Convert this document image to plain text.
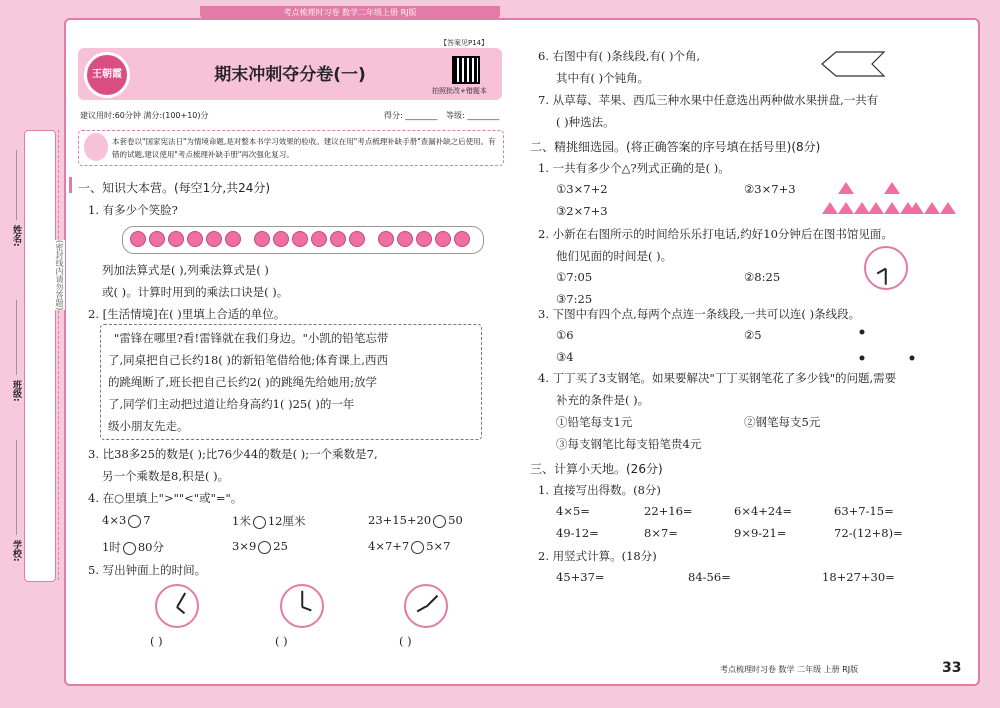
考点梳理时习卷 数学二年级上册 RJ版
姓名:
班级:
学校:
(密封线内请勿答题)
【答案见P14】
王朝霞	期末冲刺夺分卷(一)
拍照批改+错题本
建议用时:60分钟 满分:(100+10)分	得分: ________ 等级: ________
本套卷以"国家宪法日"为情境命题,是对整本书学习效果的验收。建议在用"考点梳理补缺手册"查漏补缺之后使用。有错的试题,建议使用"考点梳理补缺手册"再次强化复习。
一、知识大本营。(每空1分,共24分)
1. 有多少个笑脸?
列加法算式是( ),列乘法算式是( )
或( )。计算时用到的乘法口诀是( )。
2. [生活情境]在( )里填上合适的单位。
"雷锋在哪里?看!雷锋就在我们身边。"小凯的铅笔忘带
了,同桌把自己长约18( )的新铅笔借给他;体育课上,西西
的跳绳断了,班长把自己长约2( )的跳绳先给她用;放学
了,同学们主动把过道让给身高约1( )25( )的一年
级小朋友先走。
3. 比38多25的数是( );比76少44的数是( );一个乘数是7,
另一个乘数是8,积是( )。
4. 在○里填上">""<"或"="。
4×3 7	1米 12厘米	23+15+20 50
1时 80分	3×9 25	4×7+7 5×7
5. 写出钟面上的时间。
( )	( )	( )
6. 右图中有( )条线段,有( )个角,
其中有( )个钝角。
7. 从草莓、苹果、西瓜三种水果中任意选出两种做水果拼盘,一共有
( )种选法。
二、精挑细选园。(将正确答案的序号填在括号里)(8分)
1. 一共有多少个△?列式正确的是( )。
①3×7+2	②3×7+3
③2×7+3
2. 小新在右图所示的时间给乐乐打电话,约好10分钟后在图书馆见面。
他们见面的时间是( )。
①7:05	②8:25
③7:25
3. 下图中有四个点,每两个点连一条线段,一共可以连( )条线段。
①6	②5
③4
4. 丁丁买了3支钢笔。如果要解决"丁丁买钢笔花了多少钱"的问题,需要
补充的条件是( )。
①铅笔每支1元	②钢笔每支5元
③每支钢笔比每支铅笔贵4元
三、计算小天地。(26分)
1. 直接写出得数。(8分)
4×5=	22+16=	6×4+24=	63+7-15=
49-12=	8×7=	9×9-21=	72-(12+8)=
2. 用竖式计算。(18分)
45+37=	84-56=	18+27+30=
考点梳理时习卷 数学 二年级 上册 RJ版	33
